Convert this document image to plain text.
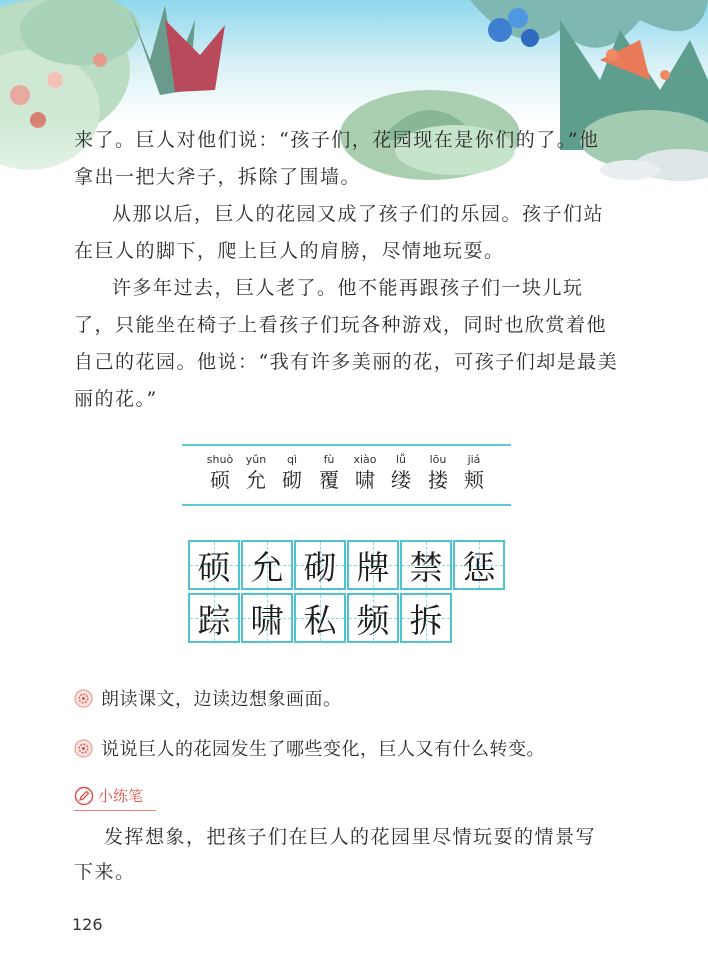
来了。巨人对他们说：“孩子们，花园现在是你们的了。”他

拿出一把大斧子，拆除了围墙。

从那以后，巨人的花园又成了孩子们的乐园。孩子们站

在巨人的脚下，爬上巨人的肩膀，尽情地玩耍。

许多年过去，巨人老了。他不能再跟孩子们一块儿玩

了，只能坐在椅子上看孩子们玩各种游戏，同时也欣赏着他

自己的花园。他说：“我有许多美丽的花，可孩子们却是最美

丽的花。”

shuò
硕
yǔn
允
qì
砌
fù
覆
xiào
啸
lǚ
缕
lōu
搂
jiá
颊
硕 允 砌 牌 禁 惩
踪 啸 私 频 拆
朗读课文，边读边想象画面。
说说巨人的花园发生了哪些变化，巨人又有什么转变。
小练笔

发挥想象，把孩子们在巨人的花园里尽情玩耍的情景写

下来。

126
